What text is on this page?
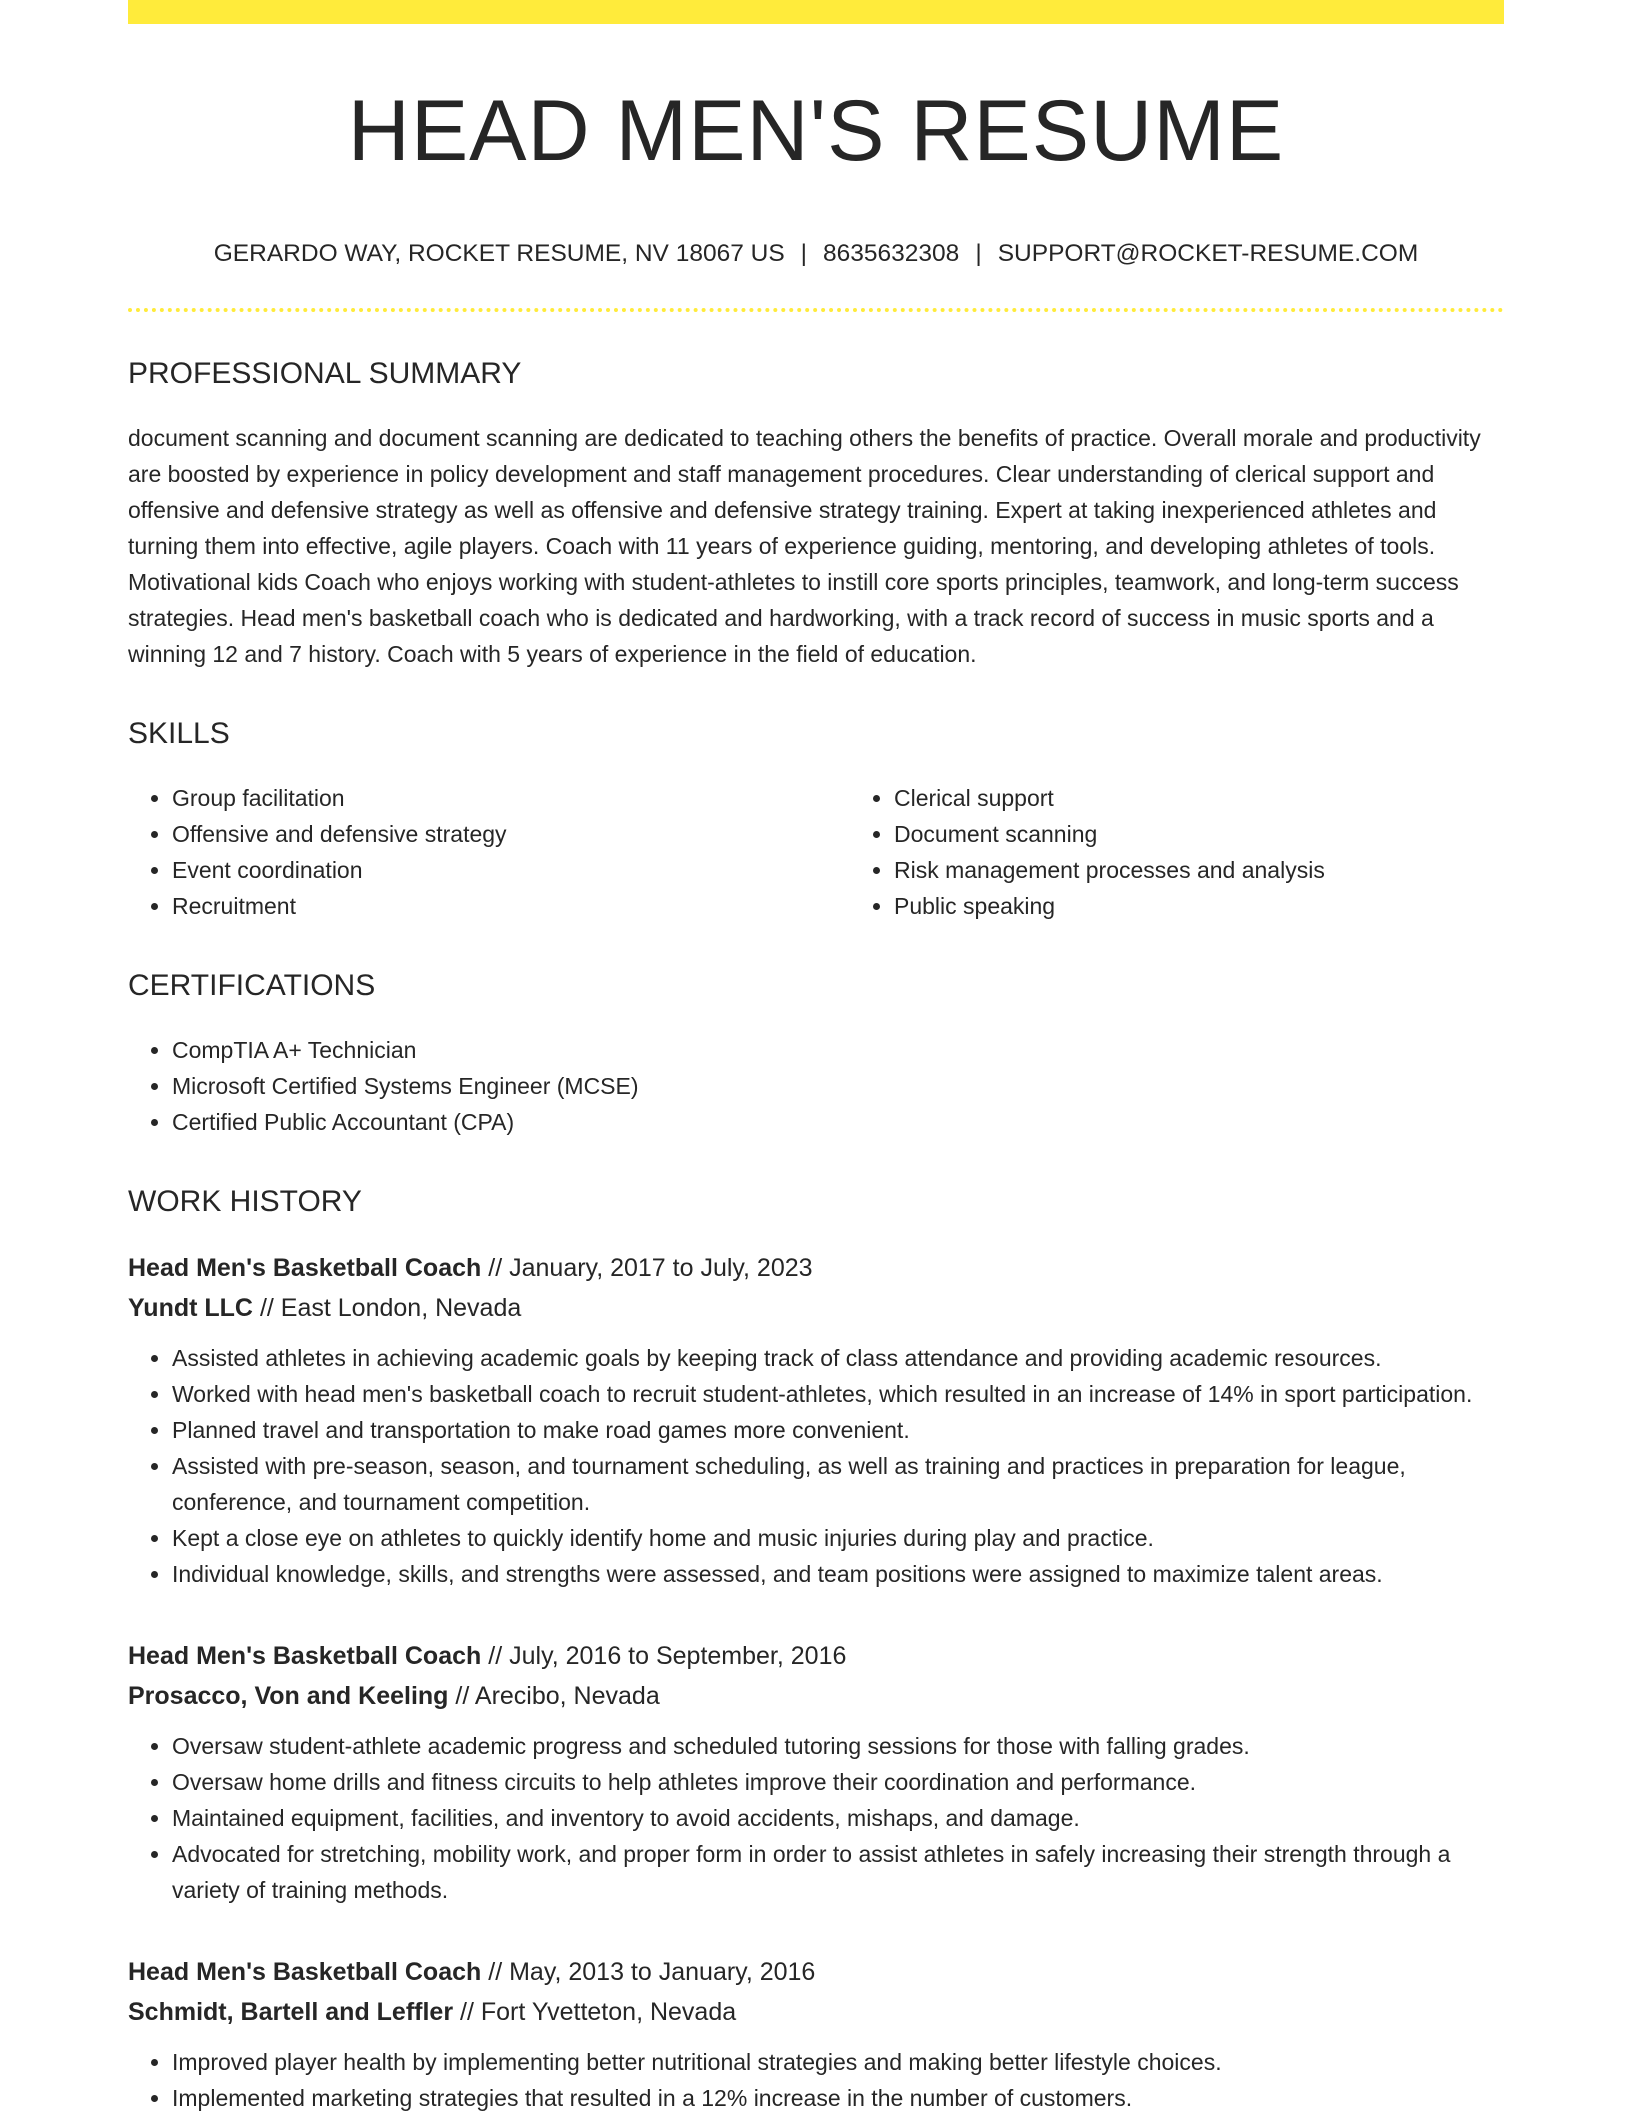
HEAD MEN'S RESUME
GERARDO WAY, ROCKET RESUME, NV 18067 US | 8635632308 | SUPPORT@ROCKET-RESUME.COM
PROFESSIONAL SUMMARY
document scanning and document scanning are dedicated to teaching others the benefits of practice. Overall morale and productivity are boosted by experience in policy development and staff management procedures. Clear understanding of clerical support and offensive and defensive strategy as well as offensive and defensive strategy training. Expert at taking inexperienced athletes and turning them into effective, agile players. Coach with 11 years of experience guiding, mentoring, and developing athletes of tools. Motivational kids Coach who enjoys working with student-athletes to instill core sports principles, teamwork, and long-term success strategies. Head men's basketball coach who is dedicated and hardworking, with a track record of success in music sports and a winning 12 and 7 history. Coach with 5 years of experience in the field of education.
SKILLS
• Group facilitation
• Offensive and defensive strategy
• Event coordination
• Recruitment
• Clerical support
• Document scanning
• Risk management processes and analysis
• Public speaking
CERTIFICATIONS
• CompTIA A+ Technician
• Microsoft Certified Systems Engineer (MCSE)
• Certified Public Accountant (CPA)
WORK HISTORY
Head Men's Basketball Coach // January, 2017 to July, 2023
Yundt LLC // East London, Nevada
• Assisted athletes in achieving academic goals by keeping track of class attendance and providing academic resources.
• Worked with head men's basketball coach to recruit student-athletes, which resulted in an increase of 14% in sport participation.
• Planned travel and transportation to make road games more convenient.
• Assisted with pre-season, season, and tournament scheduling, as well as training and practices in preparation for league, conference, and tournament competition.
• Kept a close eye on athletes to quickly identify home and music injuries during play and practice.
• Individual knowledge, skills, and strengths were assessed, and team positions were assigned to maximize talent areas.
Head Men's Basketball Coach // July, 2016 to September, 2016
Prosacco, Von and Keeling // Arecibo, Nevada
• Oversaw student-athlete academic progress and scheduled tutoring sessions for those with falling grades.
• Oversaw home drills and fitness circuits to help athletes improve their coordination and performance.
• Maintained equipment, facilities, and inventory to avoid accidents, mishaps, and damage.
• Advocated for stretching, mobility work, and proper form in order to assist athletes in safely increasing their strength through a variety of training methods.
Head Men's Basketball Coach // May, 2013 to January, 2016
Schmidt, Bartell and Leffler // Fort Yvetteton, Nevada
• Improved player health by implementing better nutritional strategies and making better lifestyle choices.
• Implemented marketing strategies that resulted in a 12% increase in the number of customers.
